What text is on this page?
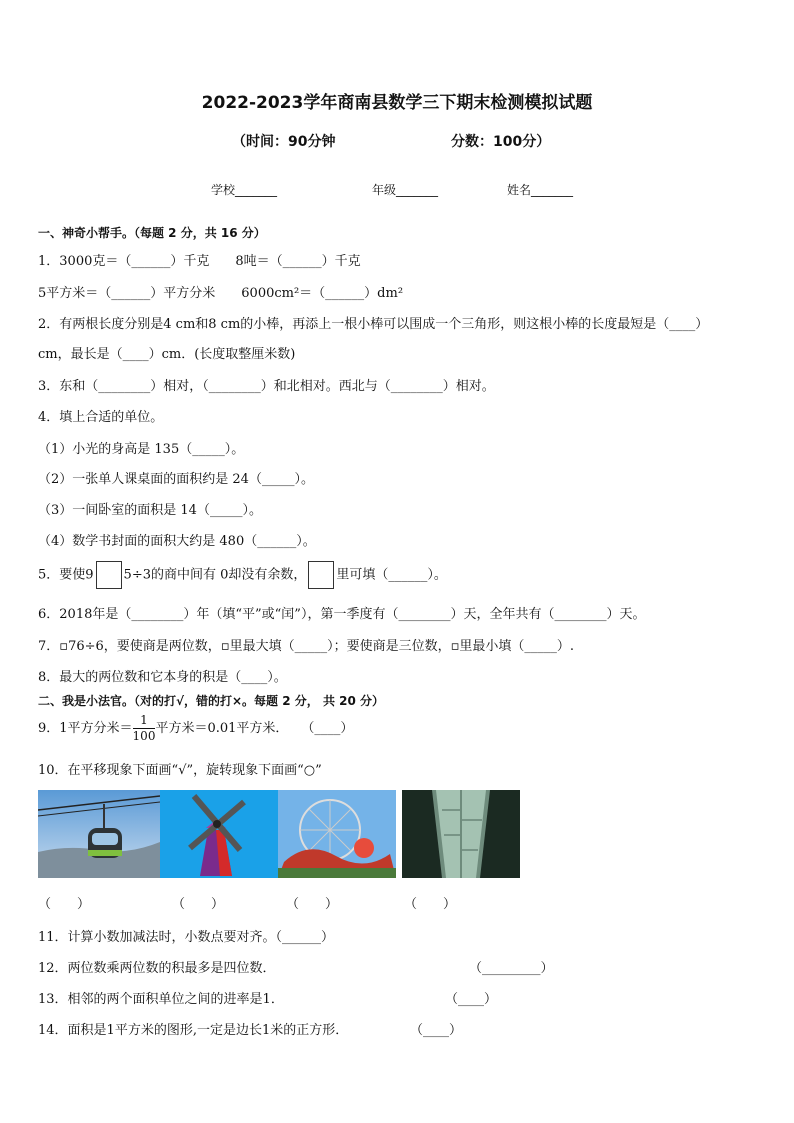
2022-2023学年商南县数学三下期末检测模拟试题
（时间：90分钟	分数：100分）
学校_______	年级_______	姓名_______
一、神奇小帮手。（每题 2 分，共 16 分）
1．3000克＝（______）千克　　8吨＝（______）千克
5平方米＝（______）平方分米　　6000cm²＝（______）dm²
2．有两根长度分别是4 cm和8 cm的小棒，再添上一根小棒可以围成一个三角形，则这根小棒的长度最短是（____）
cm，最长是（____）cm．(长度取整厘米数)
3．东和（________）相对，（________）和北相对。西北与（________）相对。
4．填上合适的单位。
（1）小光的身高是 135（_____）。
（2）一张单人课桌面的面积约是 24（_____）。
（3）一间卧室的面积是 14（_____）。
（4）数学书封面的面积大约是 480（______）。
5．要使9 5÷3的商中间有 0却没有余数， 里可填（______）。
6．2018年是（________）年（填“平”或“闰”），第一季度有（________）天，全年共有（________）天。
7．▫76÷6，要使商是两位数，▫里最大填（_____）；要使商是三位数，▫里最小填（_____）.
8．最大的两位数和它本身的积是（____）。
二、我是小法官。（对的打√，错的打×。每题 2 分， 共 20 分）
9．1平方分米＝ $\frac{1}{100}$ 平方米＝0.01平方米．　　（____）
10．在平移现象下面画“√”，旋转现象下面画“○”
（　　）	（　　）	（　　）	（　　）
11．计算小数加减法时，小数点要对齐。（______）
12．两位数乘两位数的积最多是四位数．	（_________）
13．相邻的两个面积单位之间的进率是1．	（____）
14．面积是1平方米的图形,一定是边长1米的正方形．	（____）
